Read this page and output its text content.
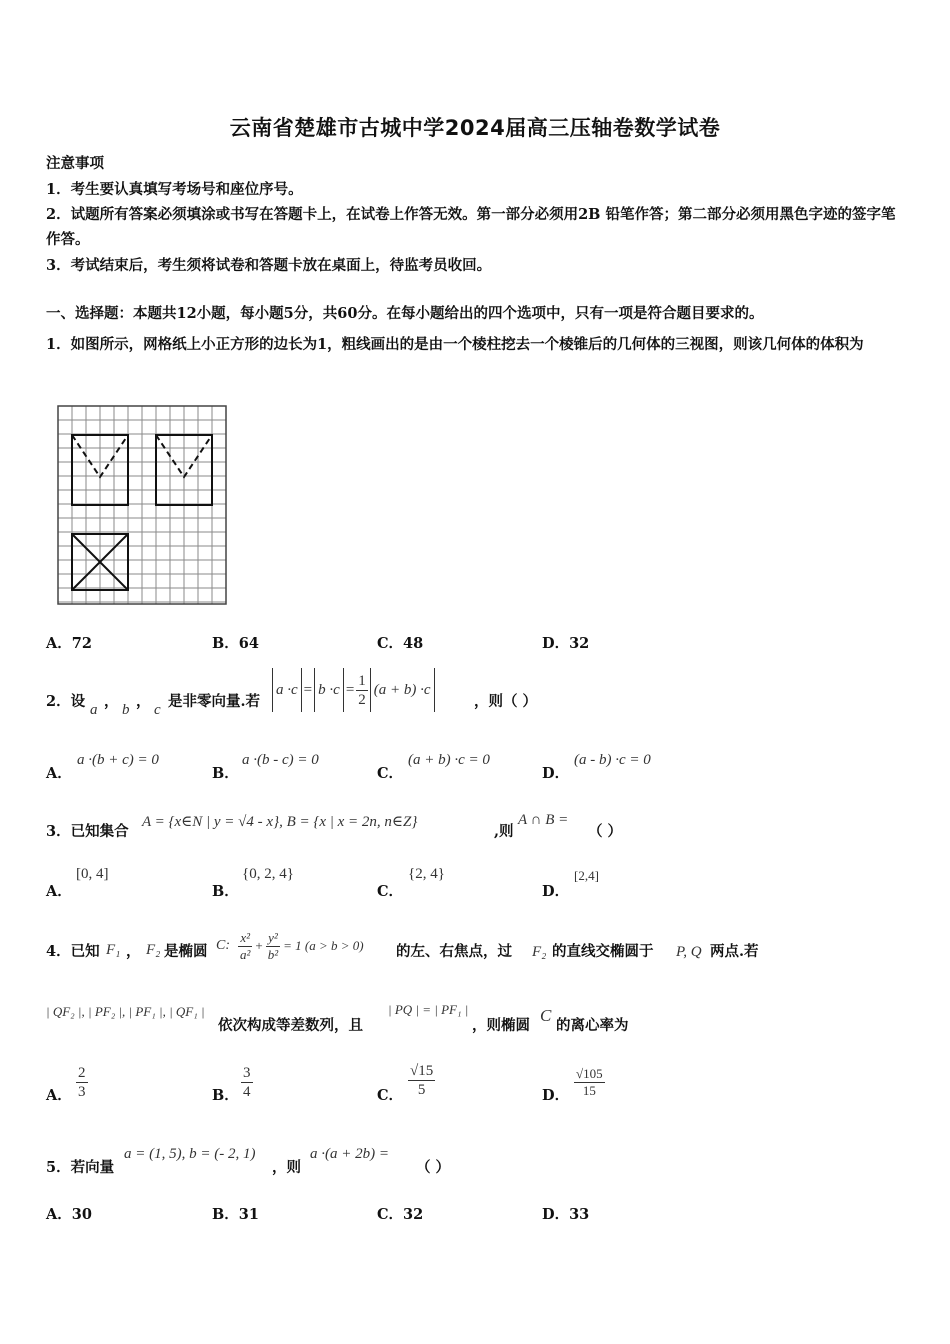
云南省楚雄市古城中学2024届高三压轴卷数学试卷
注意事项
1．考生要认真填写考场号和座位序号。
2．试题所有答案必须填涂或书写在答题卡上，在试卷上作答无效。第一部分必须用2B 铅笔作答；第二部分必须用黑色字迹的签字笔作答。
3．考试结束后，考生须将试卷和答题卡放在桌面上，待监考员收回。
一、选择题：本题共12小题，每小题5分，共60分。在每小题给出的四个选项中，只有一项是符合题目要求的。
1．如图所示，网格纸上小正方形的边长为1，粗线画出的是由一个棱柱挖去一个棱锥后的几何体的三视图，则该几何体的体积为
A．72	B．64	C．48	D．32
2．设 a ， b ， c 是非零向量.若
$a \cdot c = b \cdot c = \frac{1}{2} (a + b) \cdot c$
，则（ ）
A．
a ·(b + c) = 0
B．
a ·(b - c) = 0
C．
(a + b) ·c = 0
D．
(a - b) ·c = 0
3．已知集合
A = {x∈N | y = √4 - x}, B = {x | x = 2n, n∈Z}
,则
A ∩ B =
（ ）
A．
[0, 4]
B．
{0, 2, 4}
C．
{2, 4}
D．
[2,4]
4．已知 F₁ ， F₂ 是椭圆 C: $\frac{\text{x²}}{\text{a²}} + \frac{\text{y²}}{\text{b²}} = 1$ (a > b > 0) 的左、右焦点，过 F₂ 的直线交椭圆于 P, Q 两点.若
| QF₂ |, | PF₂ |, | PF₁ |, | QF₁ |
依次构成等差数列，且
| PQ | = | PF₁ |
，则椭圆
C
的离心率为
A． $\frac{2}{3}$	B． $\frac{3}{4}$	C． $\frac{√15}{5}$	D． $\frac{√105}{15}$
5．若向量
a = (1, 5), b = (- 2, 1)
，则
a ·(a + 2b) =
（ ）
A．30	B．31	C．32	D．33
